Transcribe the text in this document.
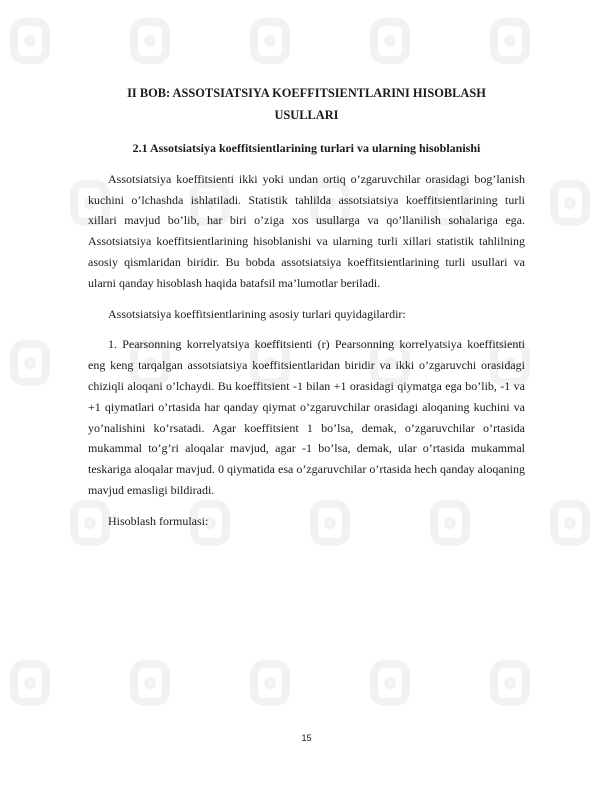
II BOB: ASSOTSIATSIYA KOEFFITSIENTLARINI HISOBLASH
USULLARI

2.1 Assotsiatsiya koeffitsientlarining turlari va ularning hisoblanishi

Assotsiatsiya koeffitsienti ikki yoki undan ortiq o’zgaruvchilar orasidagi bog’lanish kuchini o’lchashda ishlatiladi. Statistik tahlilda assotsiatsiya koeffitsientlarining turli xillari mavjud bo’lib, har biri o’ziga xos usullarga va qo’llanilish sohalariga ega. Assotsiatsiya koeffitsientlarining hisoblanishi va ularning turli xillari statistik tahlilning asosiy qismlaridan biridir. Bu bobda assotsiatsiya koeffitsientlarining turli usullari va ularni qanday hisoblash haqida batafsil ma’lumotlar beriladi.

Assotsiatsiya koeffitsientlarining asosiy turlari quyidagilardir:

1. Pearsonning korrelyatsiya koeffitsienti (r) Pearsonning korrelyatsiya koeffitsienti eng keng tarqalgan assotsiatsiya koeffitsientlaridan biridir va ikki o’zgaruvchi orasidagi chiziqli aloqani o’lchaydi. Bu koeffitsient -1 bilan +1 orasidagi qiymatga ega bo’lib, -1 va +1 qiymatlari o’rtasida har qanday qiymat o’zgaruvchilar orasidagi aloqaning kuchini va yo’nalishini ko’rsatadi. Agar koeffitsient 1 bo’lsa, demak, o’zgaruvchilar o’rtasida mukammal to’g’ri aloqalar mavjud, agar -1 bo’lsa, demak, ular o’rtasida mukammal teskariga aloqalar mavjud. 0 qiymatida esa o’zgaruvchilar o’rtasida hech qanday aloqaning mavjud emasligi bildiradi.

Hisoblash formulasi:

15
